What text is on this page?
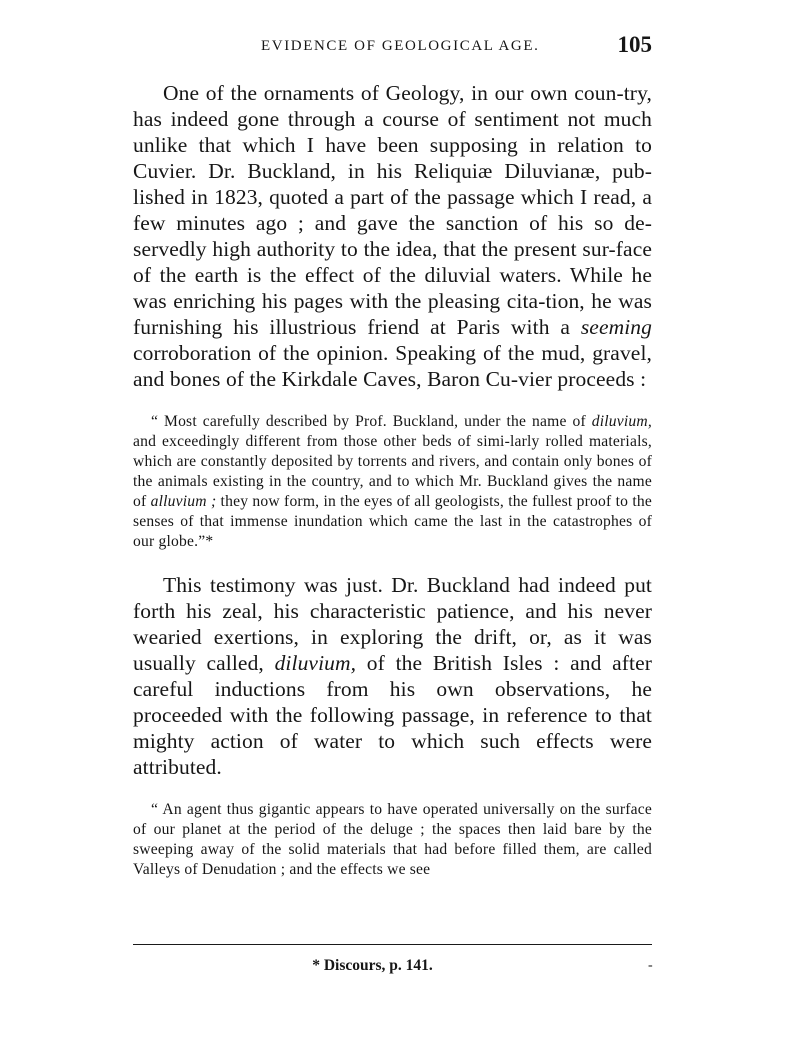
EVIDENCE OF GEOLOGICAL AGE.	105

One of the ornaments of Geology, in our own coun-try, has indeed gone through a course of sentiment not much unlike that which I have been supposing in relation to Cuvier. Dr. Buckland, in his Reliquiæ Diluvianæ, pub-lished in 1823, quoted a part of the passage which I read, a few minutes ago ; and gave the sanction of his so de-servedly high authority to the idea, that the present sur-face of the earth is the effect of the diluvial waters. While he was enriching his pages with the pleasing cita-tion, he was furnishing his illustrious friend at Paris with a seeming corroboration of the opinion. Speaking of the mud, gravel, and bones of the Kirkdale Caves, Baron Cu-vier proceeds :

“ Most carefully described by Prof. Buckland, under the name of diluvium, and exceedingly different from those other beds of simi-larly rolled materials, which are constantly deposited by torrents and rivers, and contain only bones of the animals existing in the country, and to which Mr. Buckland gives the name of alluvium ; they now form, in the eyes of all geologists, the fullest proof to the senses of that immense inundation which came the last in the catastrophes of our globe.”*

This testimony was just. Dr. Buckland had indeed put forth his zeal, his characteristic patience, and his never wearied exertions, in exploring the drift, or, as it was usually called, diluvium, of the British Isles : and after careful inductions from his own observations, he proceeded with the following passage, in reference to that mighty action of water to which such effects were attributed.

“ An agent thus gigantic appears to have operated universally on the surface of our planet at the period of the deluge ; the spaces then laid bare by the sweeping away of the solid materials that had before filled them, are called Valleys of Denudation ; and the effects we see

* Discours, p. 141.	-
